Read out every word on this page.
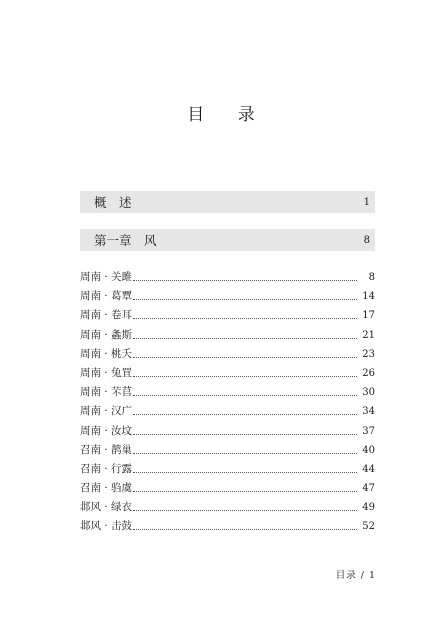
目 录
概　述	1
第一章　风	8
周南 · 关雎	8
周南 · 葛覃	14
周南 · 卷耳	17
周南 · 螽斯	21
周南 · 桃夭	23
周南 · 兔罝	26
周南 · 芣苢	30
周南 · 汉广	34
周南 · 汝坟	37
召南 · 鹊巢	40
召南 · 行露	44
召南 · 驺虞	47
邶风 · 绿衣	49
邶风 · 击鼓	52
目录 / 1
